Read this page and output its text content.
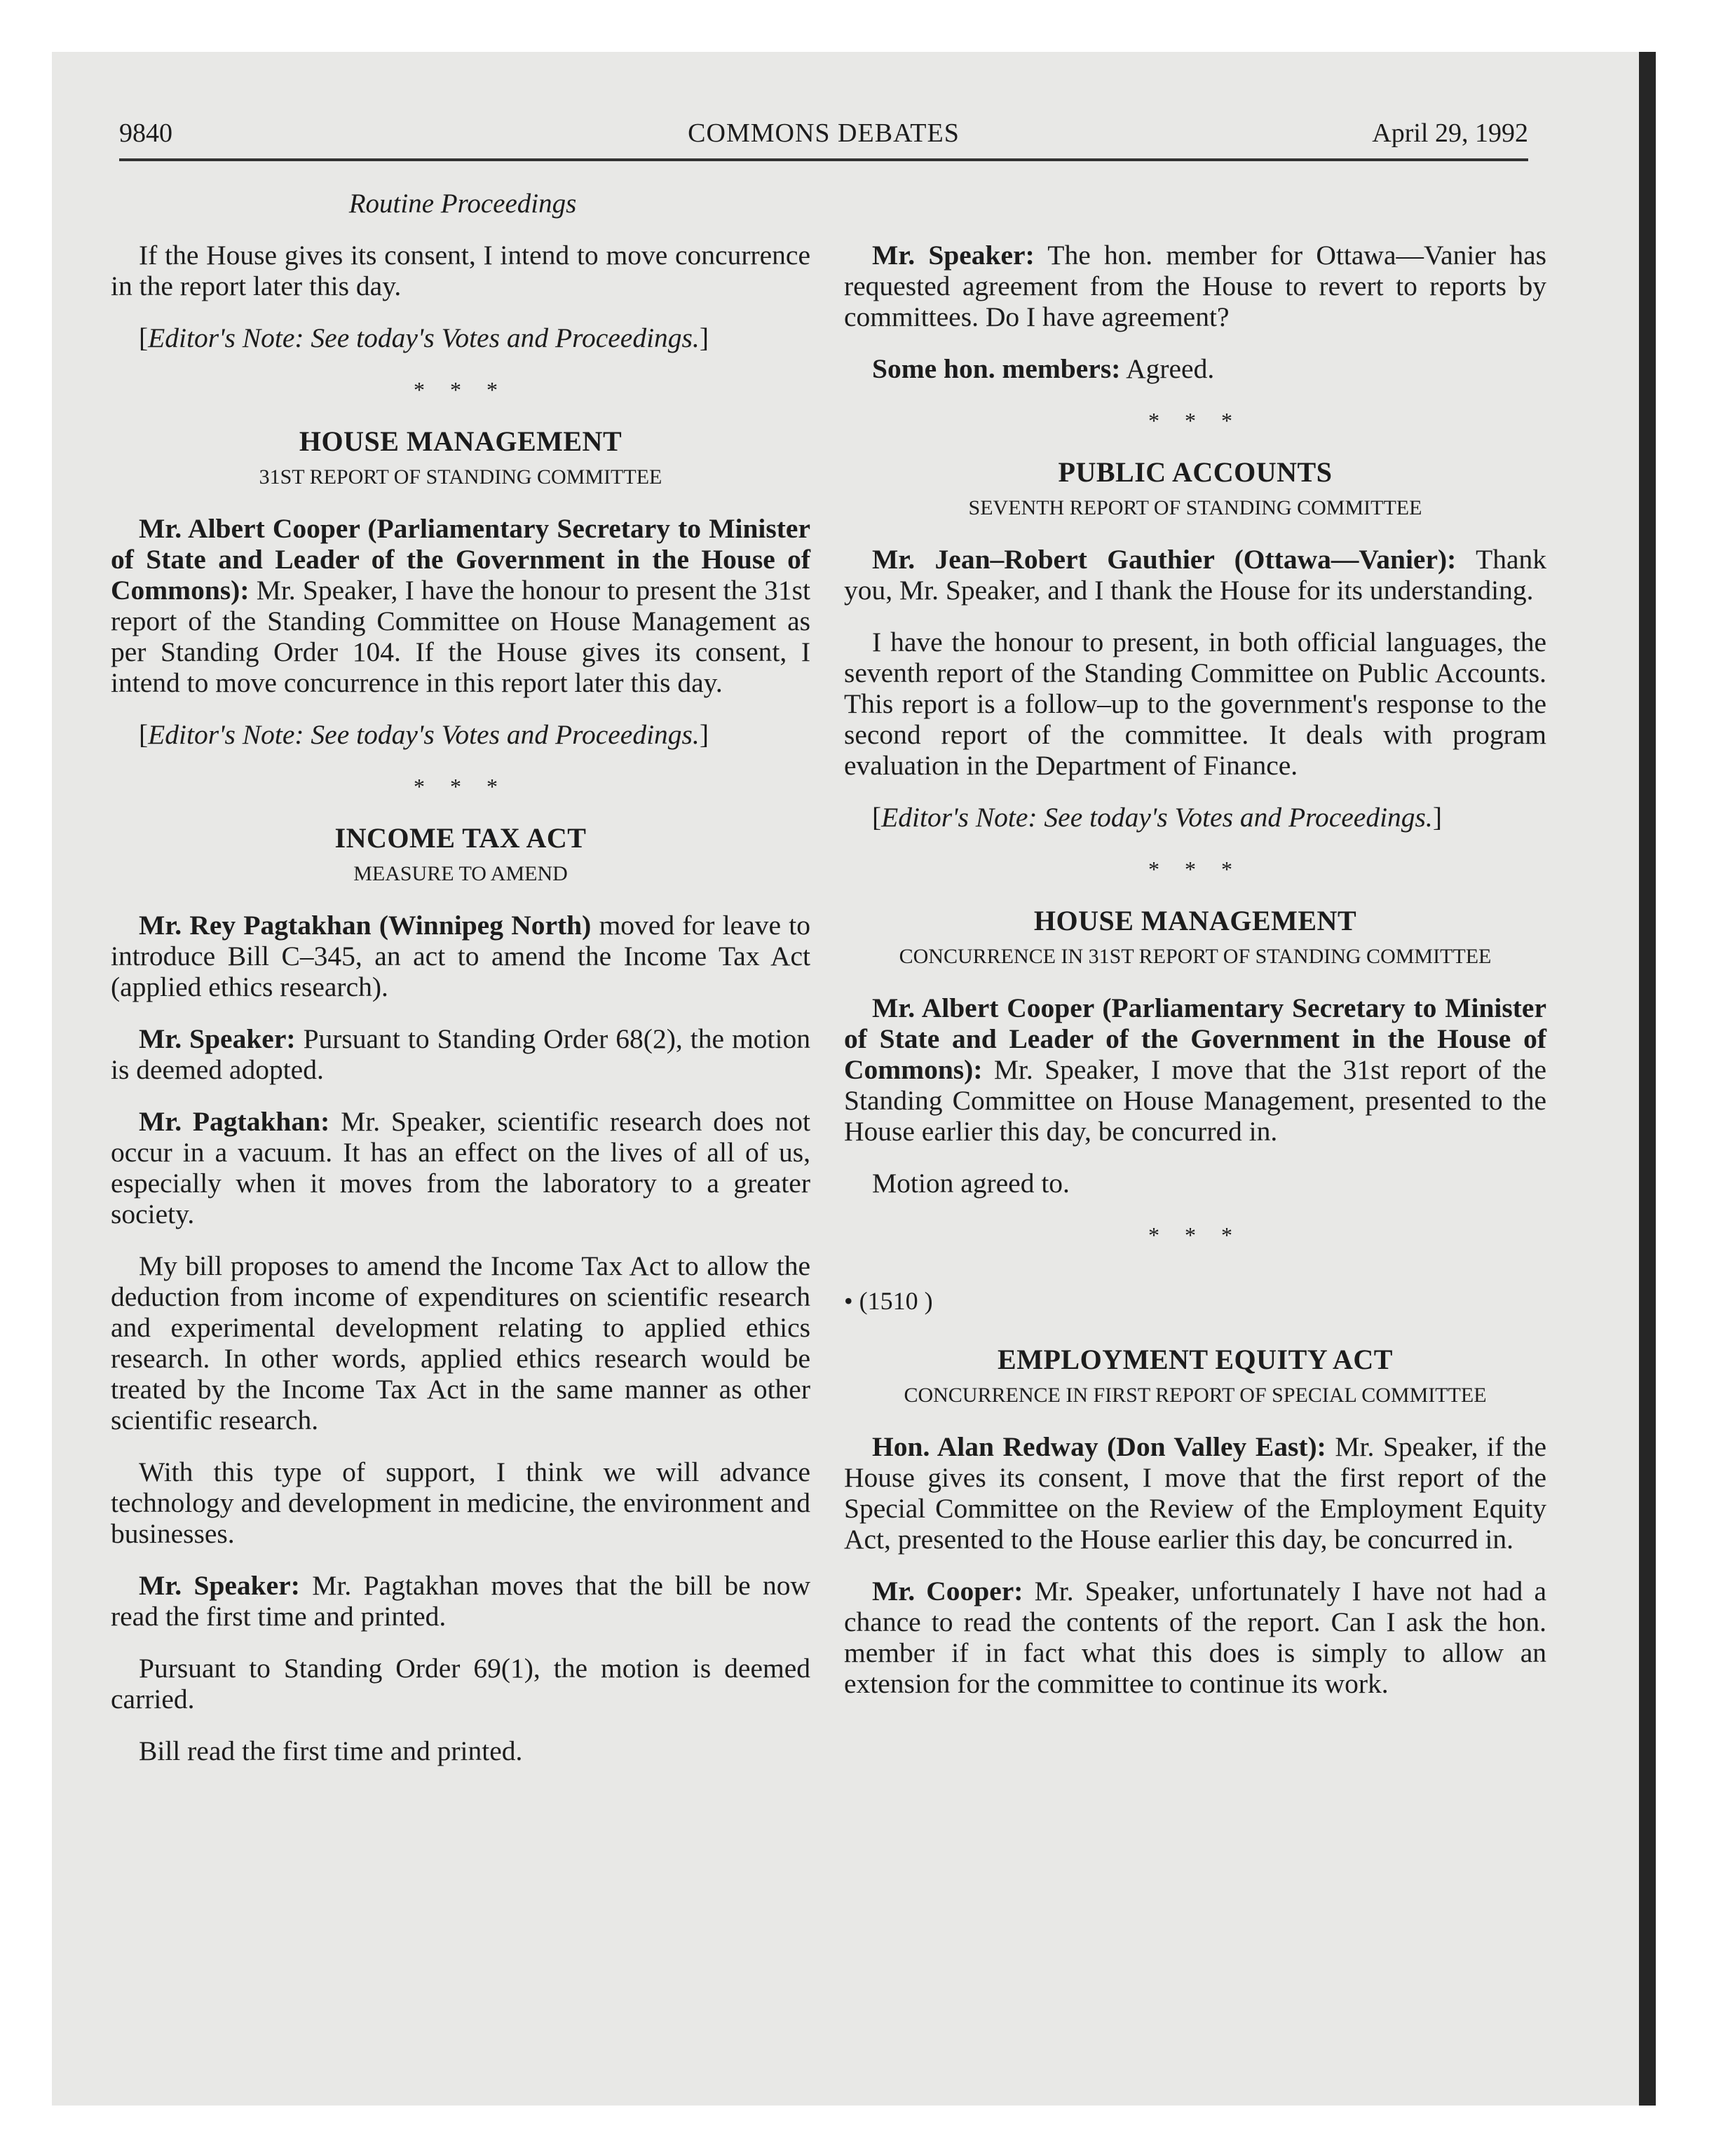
9840	COMMONS DEBATES	April 29, 1992
Routine Proceedings

If the House gives its consent, I intend to move concurrence in the report later this day.

[Editor's Note: See today's Votes and Proceedings.]

* * *
HOUSE MANAGEMENT
31ST REPORT OF STANDING COMMITTEE

Mr. Albert Cooper (Parliamentary Secretary to Minister of State and Leader of the Government in the House of Commons): Mr. Speaker, I have the honour to present the 31st report of the Standing Committee on House Management as per Standing Order 104. If the House gives its consent, I intend to move concurrence in this report later this day.

[Editor's Note: See today's Votes and Proceedings.]

* * *
INCOME TAX ACT
MEASURE TO AMEND

Mr. Rey Pagtakhan (Winnipeg North) moved for leave to introduce Bill C–345, an act to amend the Income Tax Act (applied ethics research).

Mr. Speaker: Pursuant to Standing Order 68(2), the motion is deemed adopted.

Mr. Pagtakhan: Mr. Speaker, scientific research does not occur in a vacuum. It has an effect on the lives of all of us, especially when it moves from the laboratory to a greater society.

My bill proposes to amend the Income Tax Act to allow the deduction from income of expenditures on scientific research and experimental development relating to applied ethics research. In other words, applied ethics research would be treated by the Income Tax Act in the same manner as other scientific research.

With this type of support, I think we will advance technology and development in medicine, the environment and businesses.

Mr. Speaker: Mr. Pagtakhan moves that the bill be now read the first time and printed.

Pursuant to Standing Order 69(1), the motion is deemed carried.

Bill read the first time and printed.

Mr. Speaker: The hon. member for Ottawa—Vanier has requested agreement from the House to revert to reports by committees. Do I have agreement?

Some hon. members: Agreed.

* * *
PUBLIC ACCOUNTS
SEVENTH REPORT OF STANDING COMMITTEE

Mr. Jean–Robert Gauthier (Ottawa—Vanier): Thank you, Mr. Speaker, and I thank the House for its understanding.

I have the honour to present, in both official languages, the seventh report of the Standing Committee on Public Accounts. This report is a follow–up to the government's response to the second report of the committee. It deals with program evaluation in the Department of Finance.

[Editor's Note: See today's Votes and Proceedings.]

* * *
HOUSE MANAGEMENT
CONCURRENCE IN 31ST REPORT OF STANDING COMMITTEE

Mr. Albert Cooper (Parliamentary Secretary to Minister of State and Leader of the Government in the House of Commons): Mr. Speaker, I move that the 31st report of the Standing Committee on House Management, presented to the House earlier this day, be concurred in.

Motion agreed to.

* * *
• (1510 )
EMPLOYMENT EQUITY ACT
CONCURRENCE IN FIRST REPORT OF SPECIAL COMMITTEE

Hon. Alan Redway (Don Valley East): Mr. Speaker, if the House gives its consent, I move that the first report of the Special Committee on the Review of the Employment Equity Act, presented to the House earlier this day, be concurred in.

Mr. Cooper: Mr. Speaker, unfortunately I have not had a chance to read the contents of the report. Can I ask the hon. member if in fact what this does is simply to allow an extension for the committee to continue its work.
